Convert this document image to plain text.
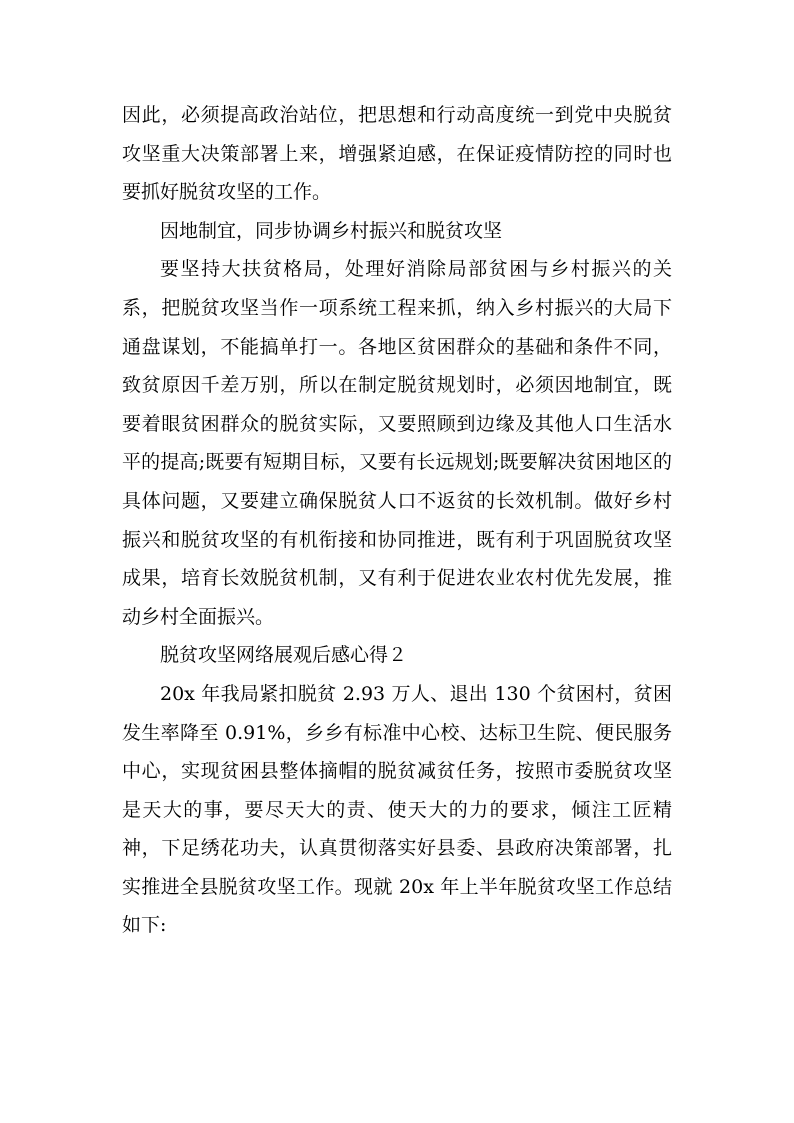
因此，必须提高政治站位，把思想和行动高度统一到党中央脱贫攻坚重大决策部署上来，增强紧迫感，在保证疫情防控的同时也要抓好脱贫攻坚的工作。

因地制宜，同步协调乡村振兴和脱贫攻坚

要坚持大扶贫格局，处理好消除局部贫困与乡村振兴的关系，把脱贫攻坚当作一项系统工程来抓，纳入乡村振兴的大局下通盘谋划，不能搞单打一。各地区贫困群众的基础和条件不同，致贫原因千差万别，所以在制定脱贫规划时，必须因地制宜，既要着眼贫困群众的脱贫实际，又要照顾到边缘及其他人口生活水平的提高;既要有短期目标，又要有长远规划;既要解决贫困地区的具体问题，又要建立确保脱贫人口不返贫的长效机制。做好乡村振兴和脱贫攻坚的有机衔接和协同推进，既有利于巩固脱贫攻坚成果，培育长效脱贫机制，又有利于促进农业农村优先发展，推动乡村全面振兴。

脱贫攻坚网络展观后感心得２

20x 年我局紧扣脱贫 2.93 万人、退出 130 个贫困村，贫困发生率降至 0.91%，乡乡有标准中心校、达标卫生院、便民服务中心，实现贫困县整体摘帽的脱贫减贫任务，按照市委脱贫攻坚是天大的事，要尽天大的责、使天大的力的要求，倾注工匠精神，下足绣花功夫，认真贯彻落实好县委、县政府决策部署，扎实推进全县脱贫攻坚工作。现就 20x 年上半年脱贫攻坚工作总结如下:
